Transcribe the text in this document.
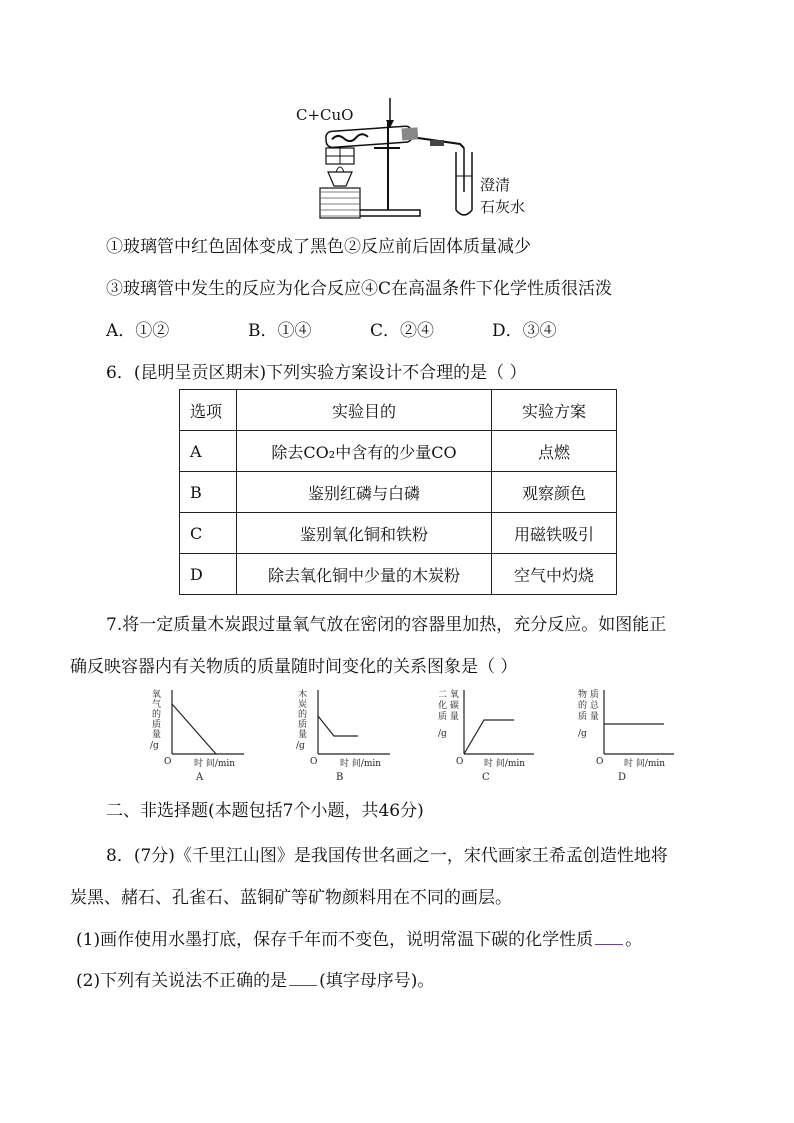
C+CuO
澄清
石灰水
①玻璃管中红色固体变成了黑色②反应前后固体质量减少
③玻璃管中发生的反应为化合反应④C在高温条件下化学性质很活泼
A．①②	B．①④	C．②④	D．③④
6．(昆明呈贡区期末)下列实验方案设计不合理的是（ ）
选项	实验目的	实验方案
A	除去CO₂中含有的少量CO	点燃
B	鉴别红磷与白磷	观察颜色
C	鉴别氧化铜和铁粉	用磁铁吸引
D	除去氧化铜中少量的木炭粉	空气中灼烧
7.将一定质量木炭跟过量氧气放在密闭的容器里加热，充分反应。如图能正
确反映容器内有关物质的质量随时间变化的关系图象是（ ）
氧
气
的
质
量
/g
O	时 间/min
A
木
炭
的
质
量
/g
O	时 间/min
B
二 氧
化 碳
质 量
/g
O 时 间/min
C
物 质
的 总
质 量
/g
O 时 间/min
D
二、非选择题(本题包括7个小题，共46分)
8．(7分)《千里江山图》是我国传世名画之一，宋代画家王希孟创造性地将
炭黑、赭石、孔雀石、蓝铜矿等矿物颜料用在不同的画层。
(1)画作使用水墨打底，保存千年而不变色，说明常温下碳的化学性质 。
(2)下列有关说法不正确的是 (填字母序号)。
